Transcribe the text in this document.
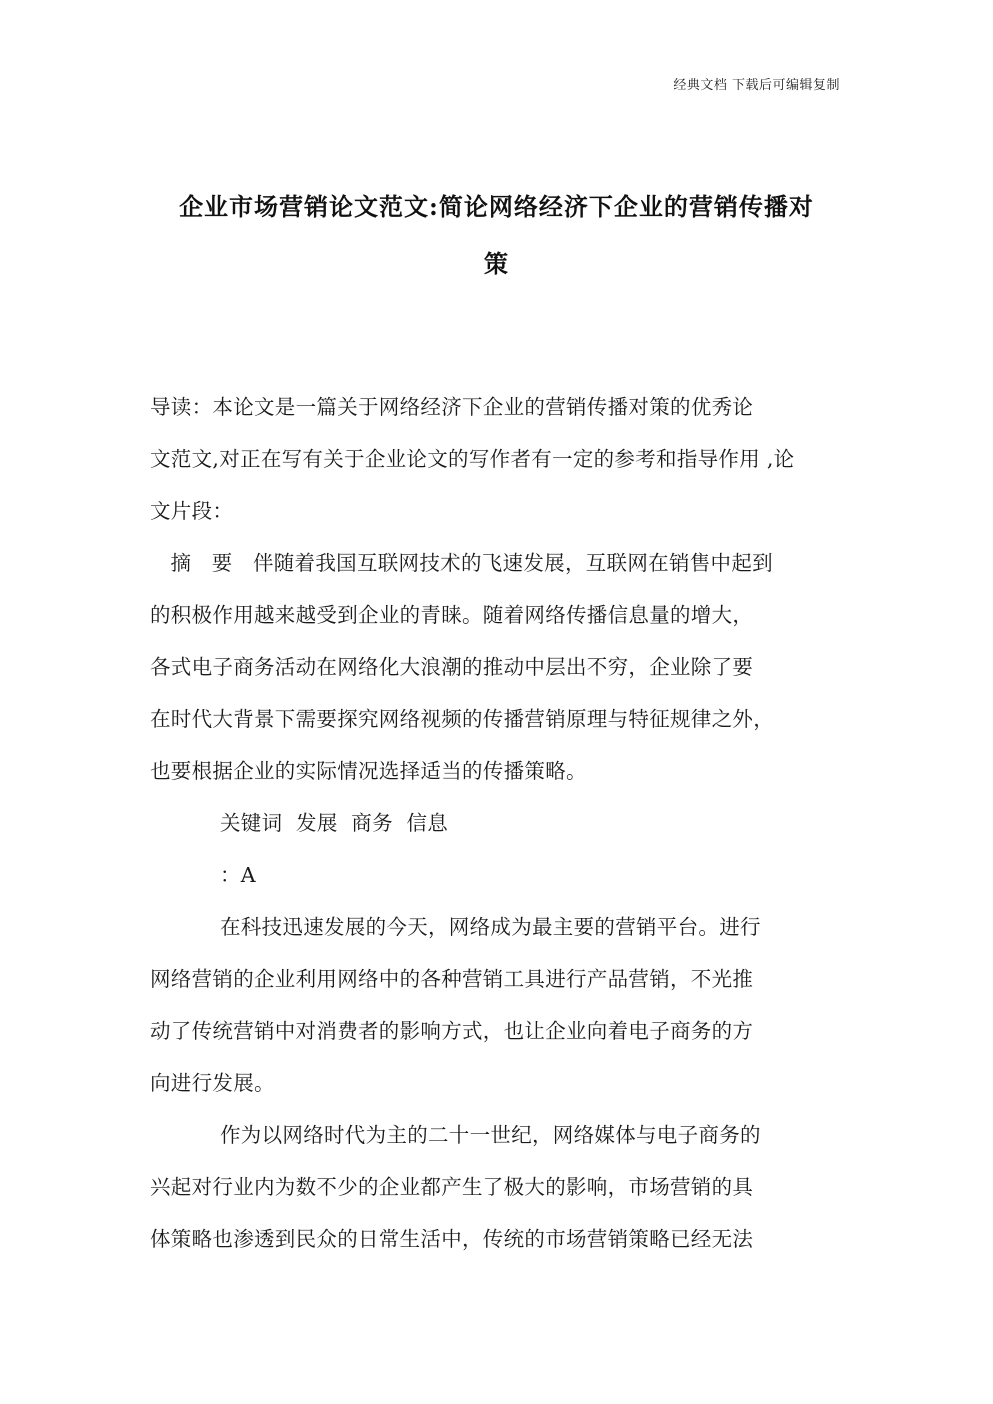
经典文档 下载后可编辑复制
企业市场营销论文范文:简论网络经济下企业的营销传播对
策
导读：本论文是一篇关于网络经济下企业的营销传播对策的优秀论
文范文,对正在写有关于企业论文的写作者有一定的参考和指导作用 ,论
文片段：
摘   要   伴随着我国互联网技术的飞速发展，互联网在销售中起到
的积极作用越来越受到企业的青睐。随着网络传播信息量的增大，
各式电子商务活动在网络化大浪潮的推动中层出不穷，企业除了要
在时代大背景下需要探究网络视频的传播营销原理与特征规律之外，
也要根据企业的实际情况选择适当的传播策略。
关键词  发展  商务  信息
：A
在科技迅速发展的今天，网络成为最主要的营销平台。进行
网络营销的企业利用网络中的各种营销工具进行产品营销，不光推
动了传统营销中对消费者的影响方式，也让企业向着电子商务的方
向进行发展。
作为以网络时代为主的二十一世纪，网络媒体与电子商务的
兴起对行业内为数不少的企业都产生了极大的影响，市场营销的具
体策略也渗透到民众的日常生活中，传统的市场营销策略已经无法
